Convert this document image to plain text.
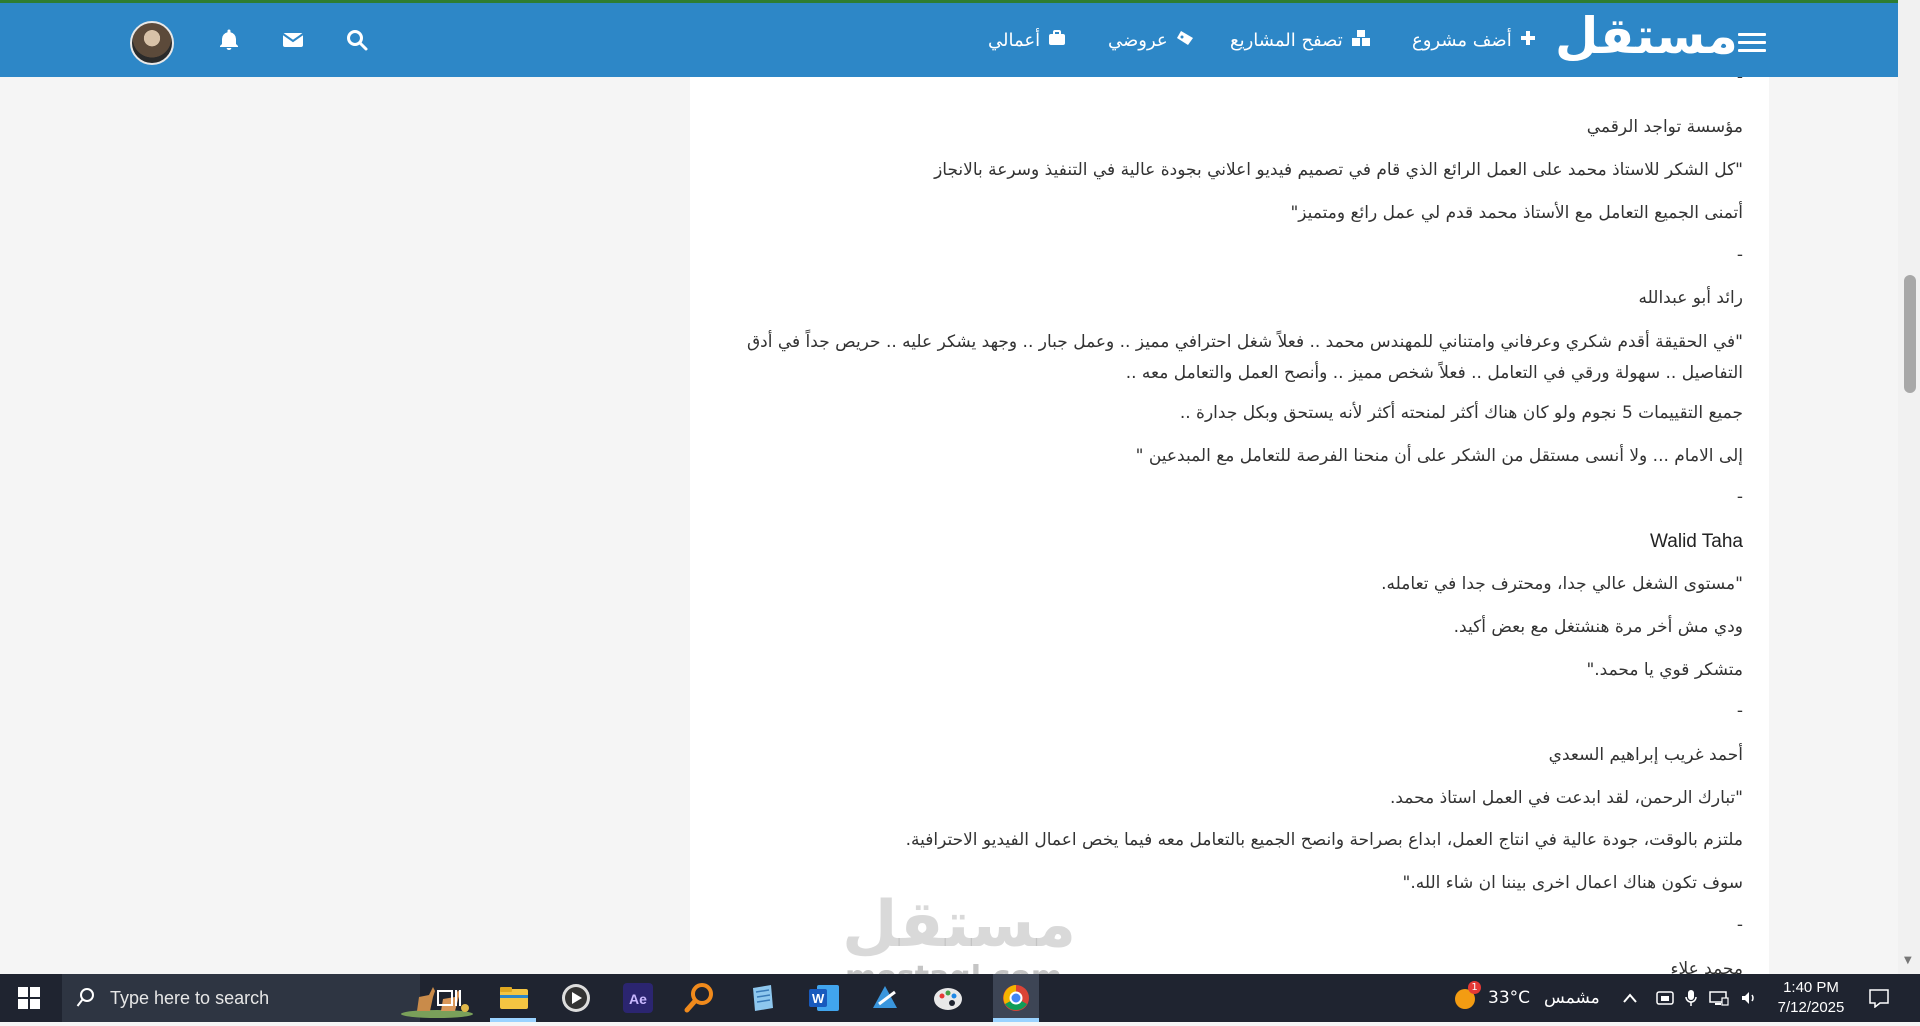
أعمالي	عروضي	تصفح المشاريع	أضف مشروع مستقل
-
مؤسسة تواجد الرقمي
"كل الشكر للاستاذ محمد على العمل الرائع الذي قام في تصميم فيديو اعلاني بجودة عالية في التنفيذ وسرعة بالانجاز
أتمنى الجميع التعامل مع الأستاذ محمد قدم لي عمل رائع ومتميز"
-
رائد أبو عبدالله
"في الحقيقة أقدم شكري وعرفاني وامتناني للمهندس محمد .. فعلاً شغل احترافي مميز .. وعمل جبار .. وجهد يشكر عليه .. حريص جداً في أدق التفاصيل .. سهولة ورقي في التعامل .. فعلاً شخص مميز .. وأنصح العمل والتعامل معه ..
جميع التقييمات 5 نجوم ولو كان هناك أكثر لمنحته أكثر لأنه يستحق وبكل جدارة ..
إلى الامام ... ولا أنسى مستقل من الشكر على أن منحنا الفرصة للتعامل مع المبدعين "
-
Walid Taha
"مستوى الشغل عالي جدا، ومحترف جدا في تعامله.
ودي مش أخر مرة هنشتغل مع بعض أكيد.
متشكر قوي يا محمد."
-
أحمد غريب إبراهيم السعدي
"تبارك الرحمن، لقد ابدعت في العمل استاذ محمد.
ملتزم بالوقت، جودة عالية في انتاج العمل، ابداع بصراحة وانصح الجميع بالتعامل معه فيما يخص اعمال الفيديو الاحترافية.
سوف تكون هناك اعمال اخرى بيننا ان شاء الله."
-
محمد علاء
مستقل	▼
Type here to search	Ae	W
1
33°C مشمس
1:40 PM
7/12/2025
